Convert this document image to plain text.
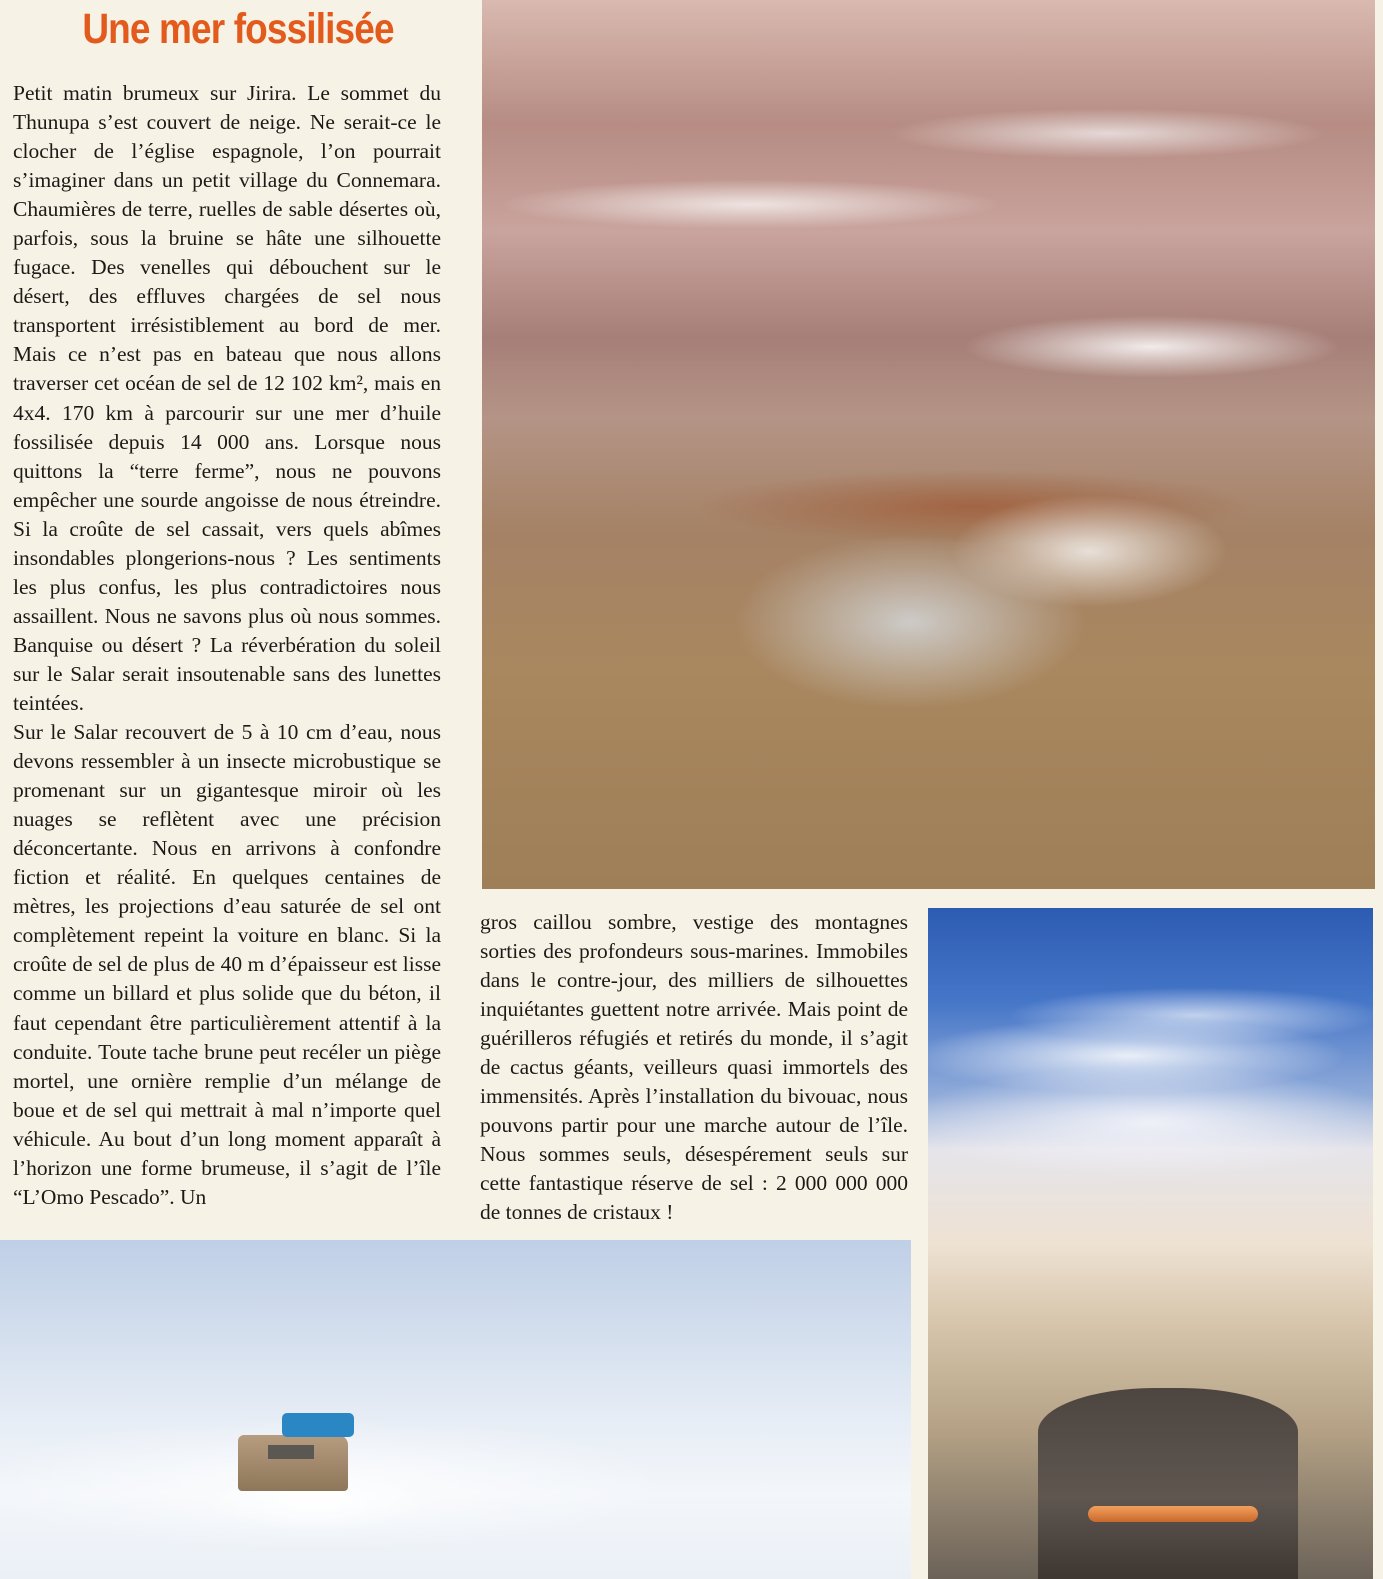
Une mer fossilisée

Petit matin brumeux sur Jirira. Le sommet du Thunupa s’est couvert de neige. Ne serait-ce le clocher de l’église espagnole, l’on pourrait s’imaginer dans un petit village du Connemara. Chaumières de terre, ruelles de sable désertes où, parfois, sous la bruine se hâte une silhouette fugace. Des venelles qui débouchent sur le désert, des effluves chargées de sel nous transportent irrésistiblement au bord de mer. Mais ce n’est pas en bateau que nous allons traverser cet océan de sel de 12 102 km², mais en 4x4. 170 km à parcourir sur une mer d’huile fossilisée depuis 14 000 ans. Lorsque nous quittons la “terre ferme”, nous ne pouvons empêcher une sourde angoisse de nous étreindre. Si la croûte de sel cassait, vers quels abîmes insondables plongerions-nous ? Les sentiments les plus confus, les plus contradictoires nous assaillent. Nous ne savons plus où nous sommes. Banquise ou désert ? La réverbération du soleil sur le Salar serait insoutenable sans des lunettes teintées.

Sur le Salar recouvert de 5 à 10 cm d’eau, nous devons ressembler à un insecte microbustique se promenant sur un gigantesque miroir où les nuages se reflètent avec une précision déconcertante. Nous en arrivons à confondre fiction et réalité. En quelques centaines de mètres, les projections d’eau saturée de sel ont complètement repeint la voiture en blanc. Si la croûte de sel de plus de 40 m d’épaisseur est lisse comme un billard et plus solide que du béton, il faut cependant être particulièrement attentif à la conduite. Toute tache brune peut recéler un piège mortel, une ornière remplie d’un mélange de boue et de sel qui mettrait à mal n’importe quel véhicule. Au bout d’un long moment apparaît à l’horizon une forme brumeuse, il s’agit de l’île “L’Omo Pescado”. Un

gros caillou sombre, vestige des montagnes sorties des profondeurs sous-marines. Immobiles dans le contre-jour, des milliers de silhouettes inquiétantes guettent notre arrivée. Mais point de guérilleros réfugiés et retirés du monde, il s’agit de cactus géants, veilleurs quasi immortels des immensités. Après l’installation du bivouac, nous pouvons partir pour une marche autour de l’île. Nous sommes seuls, désespérement seuls sur cette fantastique réserve de sel : 2 000 000 000 de tonnes de cristaux !
